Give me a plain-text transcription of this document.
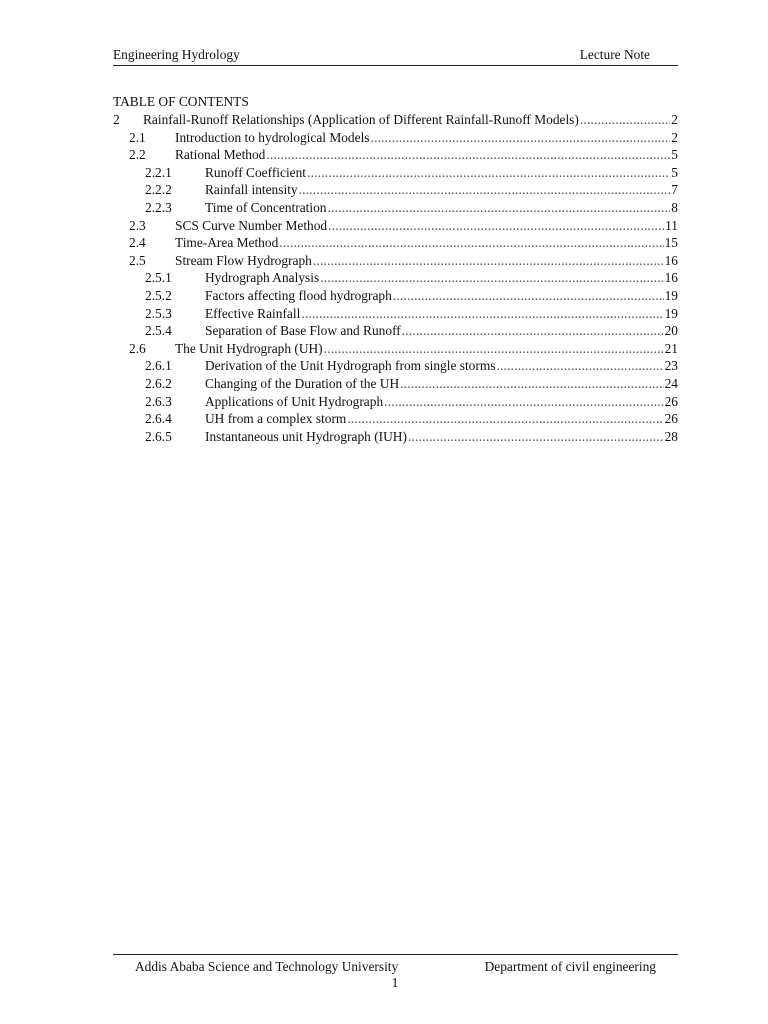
Engineering Hydrology	Lecture Note
TABLE OF CONTENTS
2	Rainfall-Runoff Relationships (Application of Different Rainfall-Runoff Models) .....	2
2.1	Introduction to hydrological Models .....	2
2.2	Rational Method .....	5
2.2.1	Runoff Coefficient .....	5
2.2.2	Rainfall intensity .....	7
2.2.3	Time of Concentration .....	8
2.3	SCS Curve Number Method .....	11
2.4	Time-Area Method .....	15
2.5	Stream Flow Hydrograph .....	16
2.5.1	Hydrograph Analysis .....	16
2.5.2	Factors affecting flood hydrograph .....	19
2.5.3	Effective Rainfall .....	19
2.5.4	Separation of Base Flow and Runoff .....	20
2.6	The Unit Hydrograph (UH) .....	21
2.6.1	Derivation of the Unit Hydrograph from single storms .....	23
2.6.2	Changing of the Duration of the UH .....	24
2.6.3	Applications of Unit Hydrograph .....	26
2.6.4	UH from a complex storm .....	26
2.6.5	Instantaneous unit Hydrograph (IUH) .....	28
Addis Ababa Science and Technology University	Department of civil engineering
1
